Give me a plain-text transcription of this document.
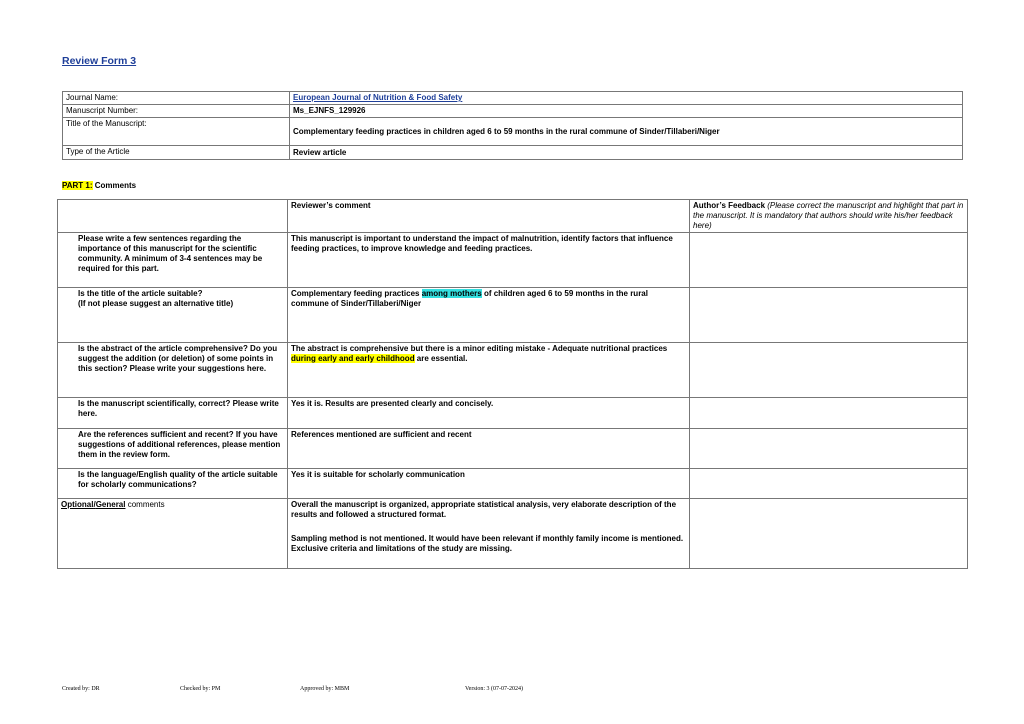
Review Form 3
Journal Name:	European Journal of Nutrition & Food Safety
Manuscript Number:	Ms_EJNFS_129926
Title of the Manuscript:	Complementary feeding practices in children aged 6 to 59 months in the rural commune of Sinder/Tillaberi/Niger
Type of the Article	Review article
PART 1: Comments
	Reviewer’s comment	Author’s Feedback (Please correct the manuscript and highlight that part in the manuscript. It is mandatory that authors should write his/her feedback here)
Please write a few sentences regarding the importance of this manuscript for the scientific community. A minimum of 3-4 sentences may be required for this part.	This manuscript is important to understand the impact of malnutrition, identify factors that influence feeding practices, to improve knowledge and feeding practices.	
Is the title of the article suitable?
(If not please suggest an alternative title)	Complementary feeding practices among mothers of children aged 6 to 59 months in the rural commune of Sinder/Tillaberi/Niger	
Is the abstract of the article comprehensive? Do you suggest the addition (or deletion) of some points in this section? Please write your suggestions here.	The abstract is comprehensive but there is a minor editing mistake - Adequate nutritional practices during early and early childhood are essential.	
Is the manuscript scientifically, correct? Please write here.	Yes it is. Results are presented clearly and concisely.	
Are the references sufficient and recent? If you have suggestions of additional references, please mention them in the review form.	References mentioned are sufficient and recent	
Is the language/English quality of the article suitable for scholarly communications?	Yes it is suitable for scholarly communication	
Optional/General comments	Overall the manuscript is organized, appropriate statistical analysis, very elaborate description of the results and followed a structured format.
Sampling method is not mentioned. It would have been relevant if monthly family income is mentioned. Exclusive criteria and limitations of the study are missing.	

Created by: DR	Checked by: PM	Approved by: MBM	Version: 3 (07-07-2024)
